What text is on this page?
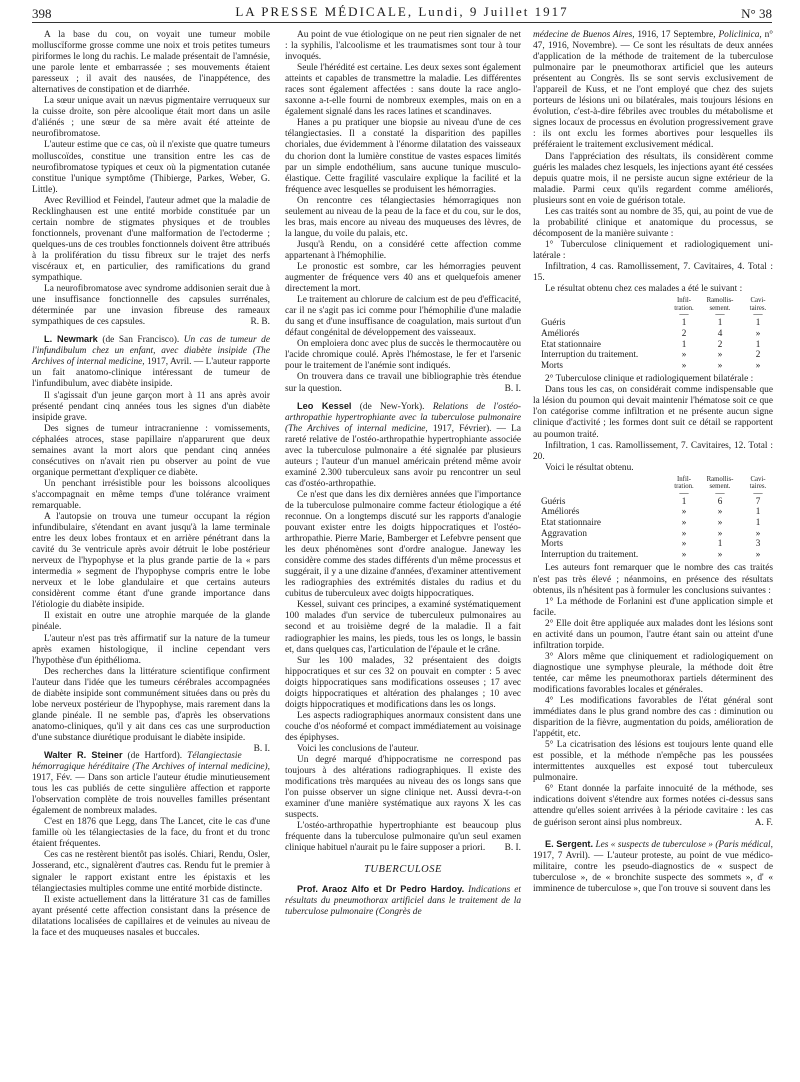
398	LA PRESSE MÉDICALE, Lundi, 9 Juillet 1917	N° 38

A la base du cou, on voyait une tumeur mobile molluscïforme grosse comme une noix et trois petites tumeurs piriformes le long du rachis. Le malade présentait de l'amnésie, une parole lente et embarrassée ; ses mouvements étaient paresseux ; il avait des nausées, de l'inappétence, des alternatives de constipation et de diarrhée.

La sœur unique avait un nævus pigmentaire verruqueux sur la cuisse droite, son père alcoolique était mort dans un asile d'aliénés ; une sœur de sa mère avait été atteinte de neurofibromatose.

L'auteur estime que ce cas, où il n'existe que quatre tumeurs molluscoïdes, constitue une transition entre les cas de neurofibromatose typiques et ceux où la pigmentation cutanée constitue l'unique symptôme (Thibierge, Parkes, Weber, G. Little).

Avec Revilliod et Feindel, l'auteur admet que la maladie de Recklinghausen est une entité morbide constituée par un certain nombre de stigmates physiques et de troubles fonctionnels, provenant d'une malformation de l'ectoderme ; quelques-uns de ces troubles fonctionnels doivent être attribués à la prolifération du tissu fibreux sur le trajet des nerfs viscéraux et, en particulier, des ramifications du grand sympathique.

La neurofibromatose avec syndrome addisonien serait due à une insuffisance fonctionnelle des capsules surrénales, déterminée par une invasion fibreuse des rameaux sympathiques de ces capsules.	R. B.

L. Newmark (de San Francisco). Un cas de tumeur de l'infundibulum chez un enfant, avec diabète insipide (The Archives of internal medicine, 1917, Avril. — L'auteur rapporte un fait anatomo-clinique intéressant de tumeur de l'infundibulum, avec diabète insipide.

Il s'agissait d'un jeune garçon mort à 11 ans après avoir présenté pendant cinq années tous les signes d'un diabète insipide grave.

Des signes de tumeur intracranienne : vomissements, céphalées atroces, stase papillaire n'apparurent que deux semaines avant la mort alors que pendant cinq années consécutives on n'avait rien pu observer au point de vue organique permettant d'expliquer ce diabète.

Un penchant irrésistible pour les boissons alcooliques s'accompagnait en même temps d'une tolérance vraiment remarquable.

A l'autopsie on trouva une tumeur occupant la région infundibulaire, s'étendant en avant jusqu'à la lame terminale entre les deux lobes frontaux et en arrière pénétrant dans la cavité du 3e ventricule après avoir détruit le lobe postérieur nerveux de l'hypophyse et la plus grande partie de la « pars intermedia » segment de l'hypophyse compris entre le lobe nerveux et le lobe glandulaire et que certains auteurs considèrent comme étant d'une grande importance dans l'étiologie du diabète insipide.

Il existait en outre une atrophie marquée de la glande pinéale.

L'auteur n'est pas très affirmatif sur la nature de la tumeur après examen histologique, il incline cependant vers l'hypothèse d'un épithélioma.

Des recherches dans la littérature scientifique confirment l'auteur dans l'idée que les tumeurs cérébrales accompagnées de diabète insipide sont communément situées dans ou près du lobe nerveux postérieur de l'hypophyse, mais rarement dans la glande pinéale. Il ne semble pas, d'après les observations anatomo-cliniques, qu'il y ait dans ces cas une surproduction d'une substance diurétique produisant le diabète insipide.
B. I.

Walter R. Steiner (de Hartford). Télangiectasie hémorragique héréditaire (The Archives of internal medicine), 1917, Fév. — Dans son article l'auteur étudie minutieusement tous les cas publiés de cette singulière affection et rapporte l'observation complète de trois nouvelles familles présentant également de nombreux malades.

C'est en 1876 que Legg, dans The Lancet, cite le cas d'une famille où les télangiectasies de la face, du front et du tronc étaient fréquentes.

Ces cas ne restèrent bientôt pas isolés. Chiari, Rendu, Osler, Josserand, etc., signalèrent d'autres cas. Rendu fut le premier à signaler le rapport existant entre les épistaxis et les télangiectasies multiples comme une entité morbide distincte.

Il existe actuellement dans la littérature 31 cas de familles ayant présenté cette affection consistant dans la présence de dilatations localisées de capillaires et de veinules au niveau de la face et des muqueuses nasales et buccales.

Au point de vue étiologique on ne peut rien signaler de net : la syphilis, l'alcoolisme et les traumatismes sont tour à tour invoqués.

Seule l'hérédité est certaine. Les deux sexes sont également atteints et capables de transmettre la maladie. Les différentes races sont également affectées : sans doute la race anglo-saxonne a-t-elle fourni de nombreux exemples, mais on en a également signalé dans les races latines et scandinaves.

Hanes a pu pratiquer une biopsie au niveau d'une de ces télangiectasies. Il a constaté la disparition des papilles choriales, due évidemment à l'énorme dilatation des vaisseaux du chorion dont la lumière constitue de vastes espaces limités par un simple endothélium, sans aucune tunique musculo-élastique. Cette fragilité vasculaire explique la facilité et la fréquence avec lesquelles se produisent les hémorragies.

On rencontre ces télangiectasies hémorragiques non seulement au niveau de la peau de la face et du cou, sur le dos, les bras, mais encore au niveau des muqueuses des lèvres, de la langue, du voile du palais, etc.

Jusqu'à Rendu, on a considéré cette affection comme appartenant à l'hémophilie.

Le pronostic est sombre, car les hémorragies peuvent augmenter de fréquence vers 40 ans et quelquefois amener directement la mort.

Le traitement au chlorure de calcium est de peu d'efficacité, car il ne s'agit pas ici comme pour l'hémophilie d'une maladie du sang et d'une insuffisance de coagulation, mais surtout d'un défaut congénital de développement des vaisseaux.

On emploiera donc avec plus de succès le thermocautère ou l'acide chromique coulé. Après l'hémostase, le fer et l'arsenic pour le traitement de l'anémie sont indiqués.

On trouvera dans ce travail une bibliographie très étendue sur la question.	B. I.

Leo Kessel (de New-York). Relations de l'ostéo-arthropathie hypertrophiante avec la tuberculose pulmonaire (The Archives of internal medicine, 1917, Février). — La rareté relative de l'ostéo-arthropathie hypertrophiante associée avec la tuberculose pulmonaire a été signalée par plusieurs auteurs ; l'auteur d'un manuel américain prétend même avoir examiné 2.300 tuberculeux sans avoir pu rencontrer un seul cas d'ostéo-arthropathie.

Ce n'est que dans les dix dernières années que l'importance de la tuberculose pulmonaire comme facteur étiologique a été reconnue. On a longtemps discuté sur les rapports d'analogie pouvant exister entre les doigts hippocratiques et l'ostéo-arthropathie. Pierre Marie, Bamberger et Lefebvre pensent que les deux phénomènes sont d'ordre analogue. Janeway les considère comme des stades différents d'un même processus et suggérait, il y a une dizaine d'années, d'examiner attentivement les radiographies des extrémités distales du radius et du cubitus de tuberculeux avec doigts hippocratiques.

Kessel, suivant ces principes, a examiné systématiquement 100 malades d'un service de tuberculeux pulmonaires au second et au troisième degré de la maladie. Il a fait radiographier les mains, les pieds, tous les os longs, le bassin et, dans quelques cas, l'articulation de l'épaule et le crâne.

Sur les 100 malades, 32 présentaient des doigts hippocratiques et sur ces 32 on pouvait en compter : 5 avec doigts hippocratiques sans modifications osseuses ; 17 avec doigts hippocratiques et altération des phalanges ; 10 avec doigts hippocratiques et modifications dans les os longs.

Les aspects radiographiques anormaux consistent dans une couche d'os néoformé et compact immédiatement au voisinage des épiphyses.

Voici les conclusions de l'auteur.

Un degré marqué d'hippocratisme ne correspond pas toujours à des altérations radiographiques. Il existe des modifications très marquées au niveau des os longs sans que l'on puisse observer un signe clinique net. Aussi devra-t-on examiner d'une manière systématique aux rayons X les cas suspects.

L'ostéo-arthropathie hypertrophiante est beaucoup plus fréquente dans la tuberculose pulmonaire qu'un seul examen clinique habituel n'aurait pu le faire supposer a priori.	B. I.

TUBERCULOSE

Prof. Araoz Alfo et Dr Pedro Hardoy. Indications et résultats du pneumothorax artificiel dans le traitement de la tuberculose pulmonaire (Congrès de

médecine de Buenos Aires, 1916, 17 Septembre, Policlinica, n° 47, 1916, Novembre). — Ce sont les résultats de deux années d'application de la méthode de traitement de la tuberculose pulmonaire par le pneumothorax artificiel que les auteurs présentent au Congrès. Ils se sont servis exclusivement de l'appareil de Kuss, et ne l'ont employé que chez des sujets porteurs de lésions uni ou bilatérales, mais toujours lésions en évolution, c'est-à-dire fébriles avec troubles du métabolisme et signes locaux de processus en évolution progressivement grave : ils ont exclu les formes abortives pour lesquelles ils préféraient le traitement exclusivement médical.

Dans l'appréciation des résultats, ils considèrent comme guéris les malades chez lesquels, les injections ayant été cessées depuis quatre mois, il ne persiste aucun signe extérieur de la maladie. Parmi ceux qu'ils regardent comme améliorés, plusieurs sont en voie de guérison totale.

Les cas traités sont au nombre de 35, qui, au point de vue de la probabilité clinique et anatomique du processus, se décomposent de la manière suivante :

1° Tuberculose cliniquement et radiologiquement uni-latérale :

Infiltration, 4 cas. Ramollissement, 7. Cavitaires, 4. Total : 15.

Le résultat obtenu chez ces malades a été le suivant :

Infil-tration.
Ramollis-sement.
Cavi-taires.
—	—	—
Guéris	1	1	1
Améliorés	2	4	»
Etat stationnaire	1	2	1
Interruption du traitement.	»	»	2
Morts	»	»	»

2° Tuberculose clinique et radiologiquement bilatérale :

Dans tous les cas, on considérait comme indispensable que la lésion du poumon qui devait maintenir l'hématose soit ce que l'on catégorise comme infiltration et ne présente aucun signe clinique d'activité ; les formes dont suit ce détail se rapportent au poumon traité.

Infiltration, 1 cas. Ramollissement, 7. Cavitaires, 12. Total : 20.

Voici le résultat obtenu.

Infil-tration.
Ramollis-sement.
Cavi-taires.
—	—	—
Guéris	1	6	7
Améliorés	»	»	1
Etat stationnaire	»	»	1
Aggravation	»	»	»
Morts	»	1	3
Interruption du traitement.	»	»	»

Les auteurs font remarquer que le nombre des cas traités n'est pas très élevé ; néanmoins, en présence des résultats obtenus, ils n'hésitent pas à formuler les conclusions suivantes :

1° La méthode de Forlanini est d'une application simple et facile.

2° Elle doit être appliquée aux malades dont les lésions sont en activité dans un poumon, l'autre étant sain ou atteint d'une infiltration torpide.

3° Alors même que cliniquement et radiologiquement on diagnostique une symphyse pleurale, la méthode doit être tentée, car même les pneumothorax partiels déterminent des modifications favorables locales et générales.

4° Les modifications favorables de l'état général sont immédiates dans le plus grand nombre des cas : diminution ou disparition de la fièvre, augmentation du poids, amélioration de l'appétit, etc.

5° La cicatrisation des lésions est toujours lente quand elle est possible, et la méthode n'empêche pas les poussées intermittentes auxquelles est exposé tout tuberculeux pulmonaire.

6° Etant donnée la parfaite innocuité de la méthode, ses indications doivent s'étendre aux formes notées ci-dessus sans attendre qu'elles soient arrivées à la période cavitaire : les cas de guérison seront ainsi plus nombreux.	A. F.

E. Sergent. Les « suspects de tuberculose » (Paris médical, 1917, 7 Avril). — L'auteur proteste, au point de vue médico-militaire, contre les pseudo-diagnostics de « suspect de tuberculose », de « bronchite suspecte des sommets », d' « imminence de tuberculose », que l'on trouve si souvent dans les
